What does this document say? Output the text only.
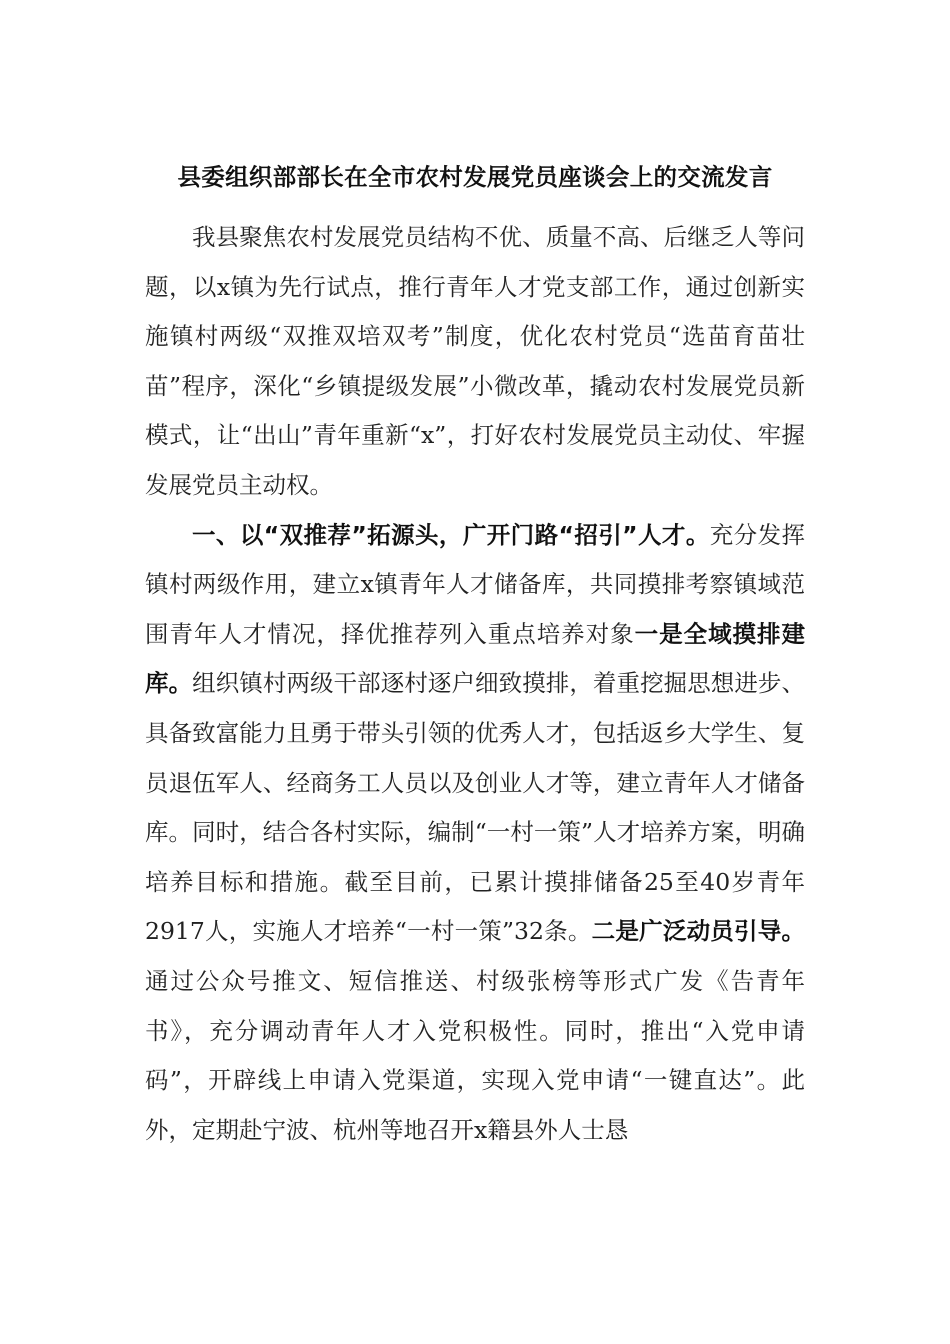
县委组织部部长在全市农村发展党员座谈会上的交流发言

我县聚焦农村发展党员结构不优、质量不高、后继乏人等问题，以x镇为先行试点，推行青年人才党支部工作，通过创新实施镇村两级“双推双培双考”制度，优化农村党员“选苗育苗壮苗”程序，深化“乡镇提级发展”小微改革，撬动农村发展党员新模式，让“出山”青年重新“x”，打好农村发展党员主动仗、牢握发展党员主动权。

一、以“双推荐”拓源头，广开门路“招引”人才。充分发挥镇村两级作用，建立x镇青年人才储备库，共同摸排考察镇域范围青年人才情况，择优推荐列入重点培养对象一是全域摸排建库。组织镇村两级干部逐村逐户细致摸排，着重挖掘思想进步、具备致富能力且勇于带头引领的优秀人才，包括返乡大学生、复员退伍军人、经商务工人员以及创业人才等，建立青年人才储备库。同时，结合各村实际，编制“一村一策”人才培养方案，明确培养目标和措施。截至目前，已累计摸排储备25至40岁青年2917人，实施人才培养“一村一策”32条。二是广泛动员引导。通过公众号推文、短信推送、村级张榜等形式广发《告青年书》，充分调动青年人才入党积极性。同时，推出“入党申请码”，开辟线上申请入党渠道，实现入党申请“一键直达”。此外，定期赴宁波、杭州等地召开x籍县外人士恳
